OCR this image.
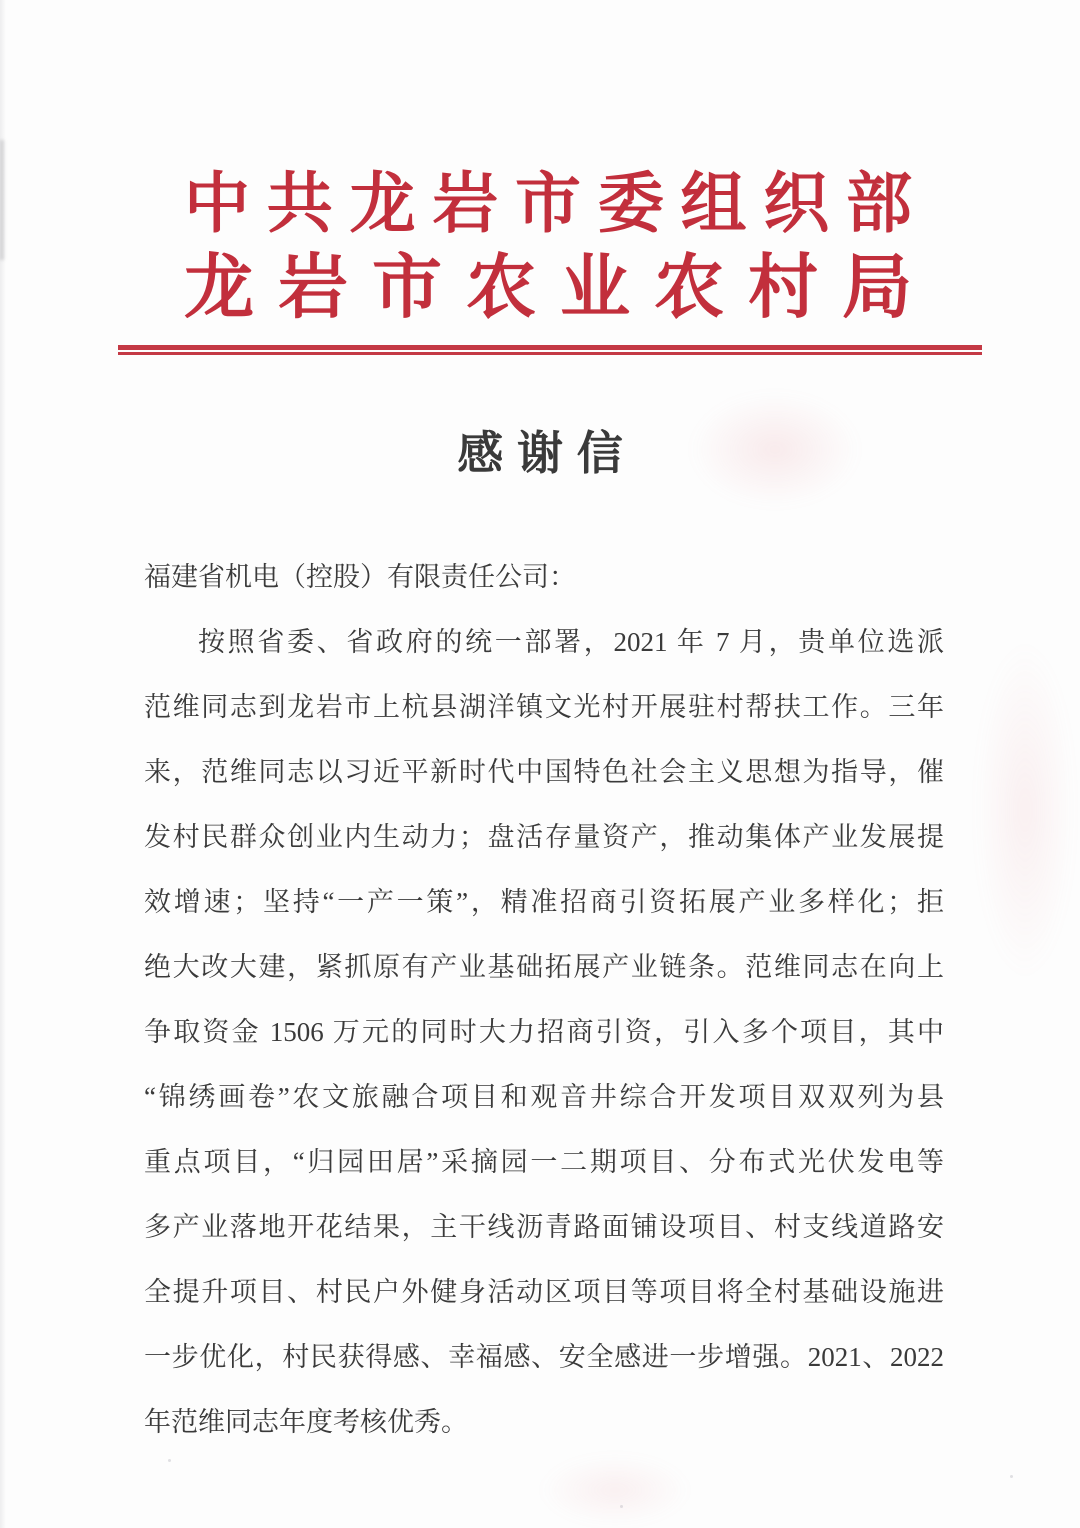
中 共 龙 岩 市 委 组 织 部
龙 岩 市 农 业 农 村 局
感谢信
福建省机电（控股）有限责任公司：
按照省委、省政府的统一部署，2021 年 7 月，贵单位选派
范维同志到龙岩市上杭县湖洋镇文光村开展驻村帮扶工作。三年
来，范维同志以习近平新时代中国特色社会主义思想为指导，催
发村民群众创业内生动力；盘活存量资产，推动集体产业发展提
效增速；坚持“一产一策”，精准招商引资拓展产业多样化；拒
绝大改大建，紧抓原有产业基础拓展产业链条。范维同志在向上
争取资金 1506 万元的同时大力招商引资，引入多个项目，其中
“锦绣画卷”农文旅融合项目和观音井综合开发项目双双列为县
重点项目，“归园田居”采摘园一二期项目、分布式光伏发电等
多产业落地开花结果，主干线沥青路面铺设项目、村支线道路安
全提升项目、村民户外健身活动区项目等项目将全村基础设施进
一步优化，村民获得感、幸福感、安全感进一步增强。2021、2022
年范维同志年度考核优秀。
